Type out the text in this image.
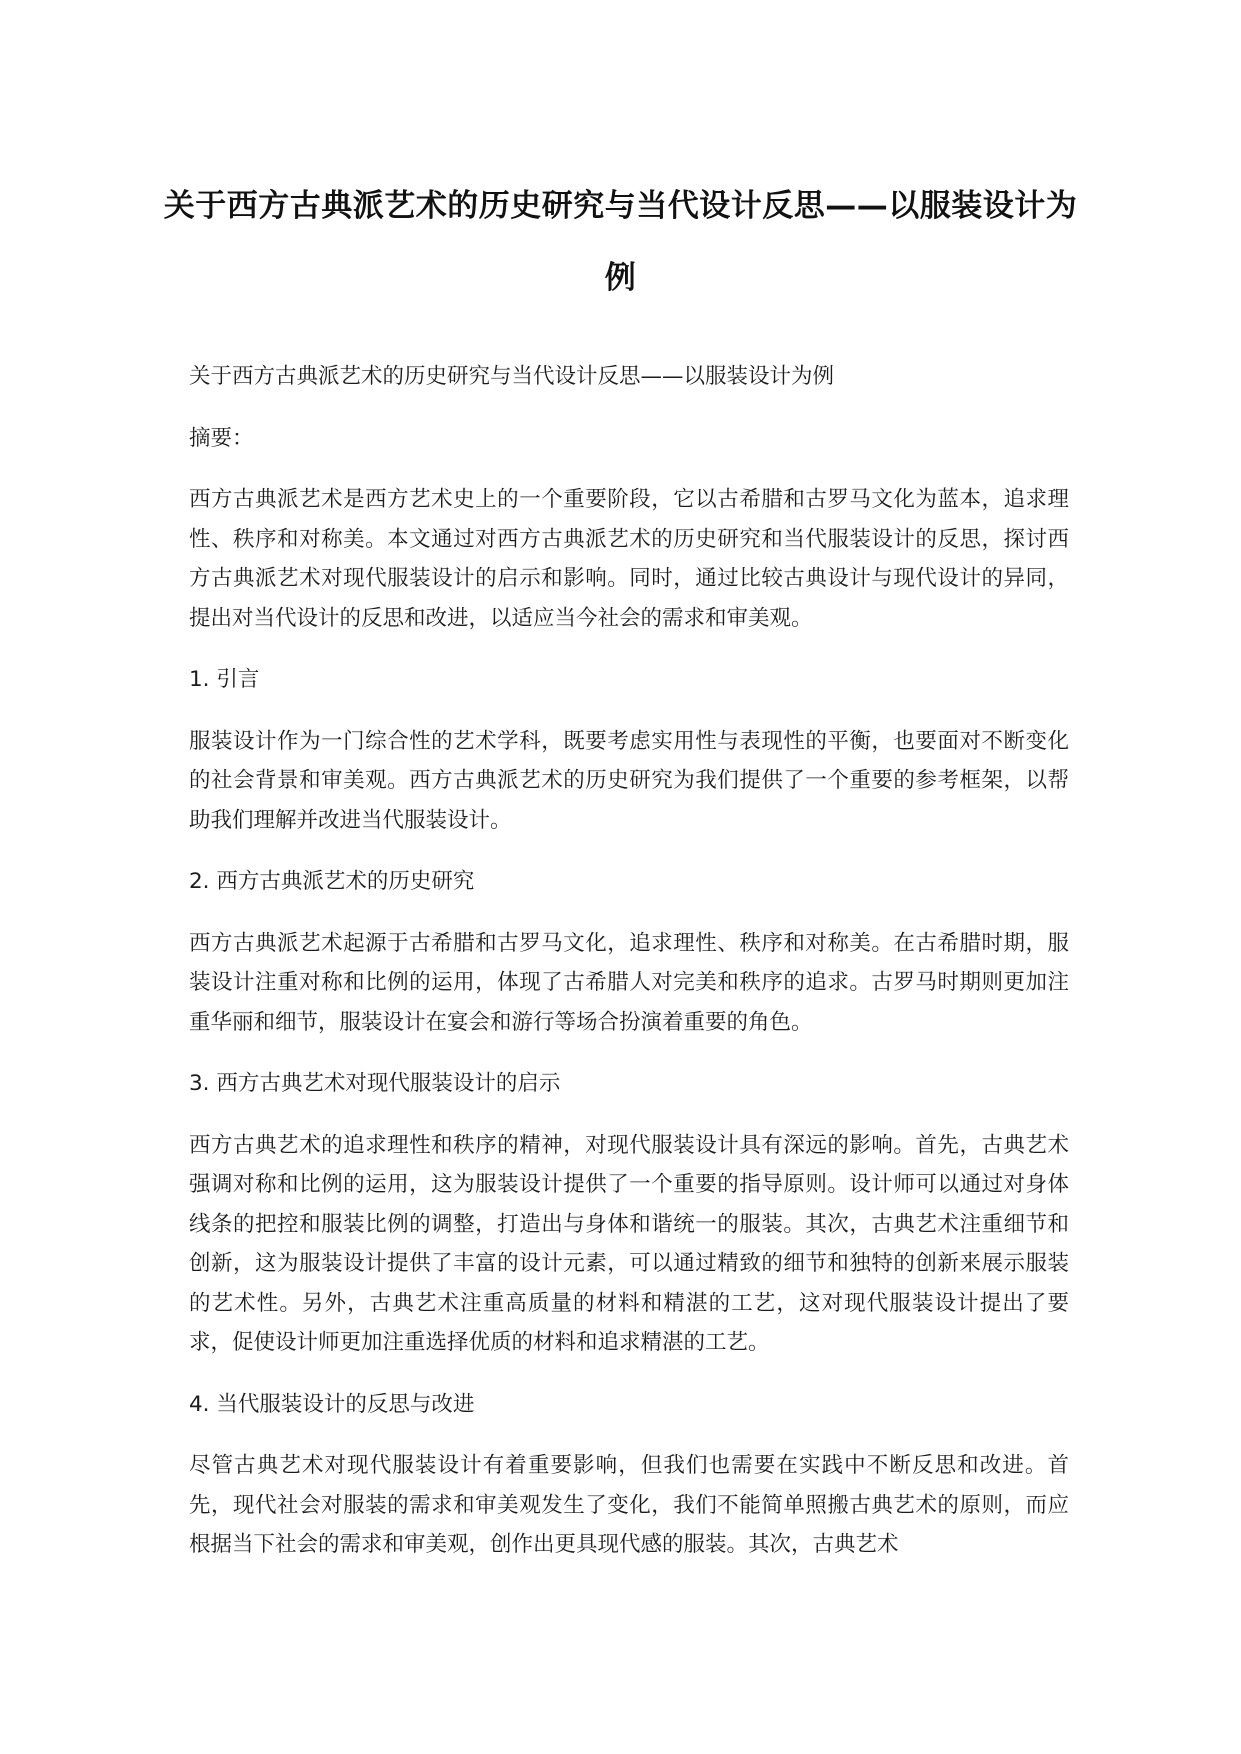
关于西方古典派艺术的历史研究与当代设计反思——以服装设计为例

关于西方古典派艺术的历史研究与当代设计反思——以服装设计为例

摘要：

西方古典派艺术是西方艺术史上的一个重要阶段，它以古希腊和古罗马文化为蓝本，追求理性、秩序和对称美。本文通过对西方古典派艺术的历史研究和当代服装设计的反思，探讨西方古典派艺术对现代服装设计的启示和影响。同时，通过比较古典设计与现代设计的异同，提出对当代设计的反思和改进，以适应当今社会的需求和审美观。

1. 引言

服装设计作为一门综合性的艺术学科，既要考虑实用性与表现性的平衡，也要面对不断变化的社会背景和审美观。西方古典派艺术的历史研究为我们提供了一个重要的参考框架，以帮助我们理解并改进当代服装设计。

2. 西方古典派艺术的历史研究

西方古典派艺术起源于古希腊和古罗马文化，追求理性、秩序和对称美。在古希腊时期，服装设计注重对称和比例的运用，体现了古希腊人对完美和秩序的追求。古罗马时期则更加注重华丽和细节，服装设计在宴会和游行等场合扮演着重要的角色。

3. 西方古典艺术对现代服装设计的启示

西方古典艺术的追求理性和秩序的精神，对现代服装设计具有深远的影响。首先，古典艺术强调对称和比例的运用，这为服装设计提供了一个重要的指导原则。设计师可以通过对身体线条的把控和服装比例的调整，打造出与身体和谐统一的服装。其次，古典艺术注重细节和创新，这为服装设计提供了丰富的设计元素，可以通过精致的细节和独特的创新来展示服装的艺术性。另外，古典艺术注重高质量的材料和精湛的工艺，这对现代服装设计提出了要求，促使设计师更加注重选择优质的材料和追求精湛的工艺。

4. 当代服装设计的反思与改进

尽管古典艺术对现代服装设计有着重要影响，但我们也需要在实践中不断反思和改进。首先，现代社会对服装的需求和审美观发生了变化，我们不能简单照搬古典艺术的原则，而应根据当下社会的需求和审美观，创作出更具现代感的服装。其次，古典艺术
